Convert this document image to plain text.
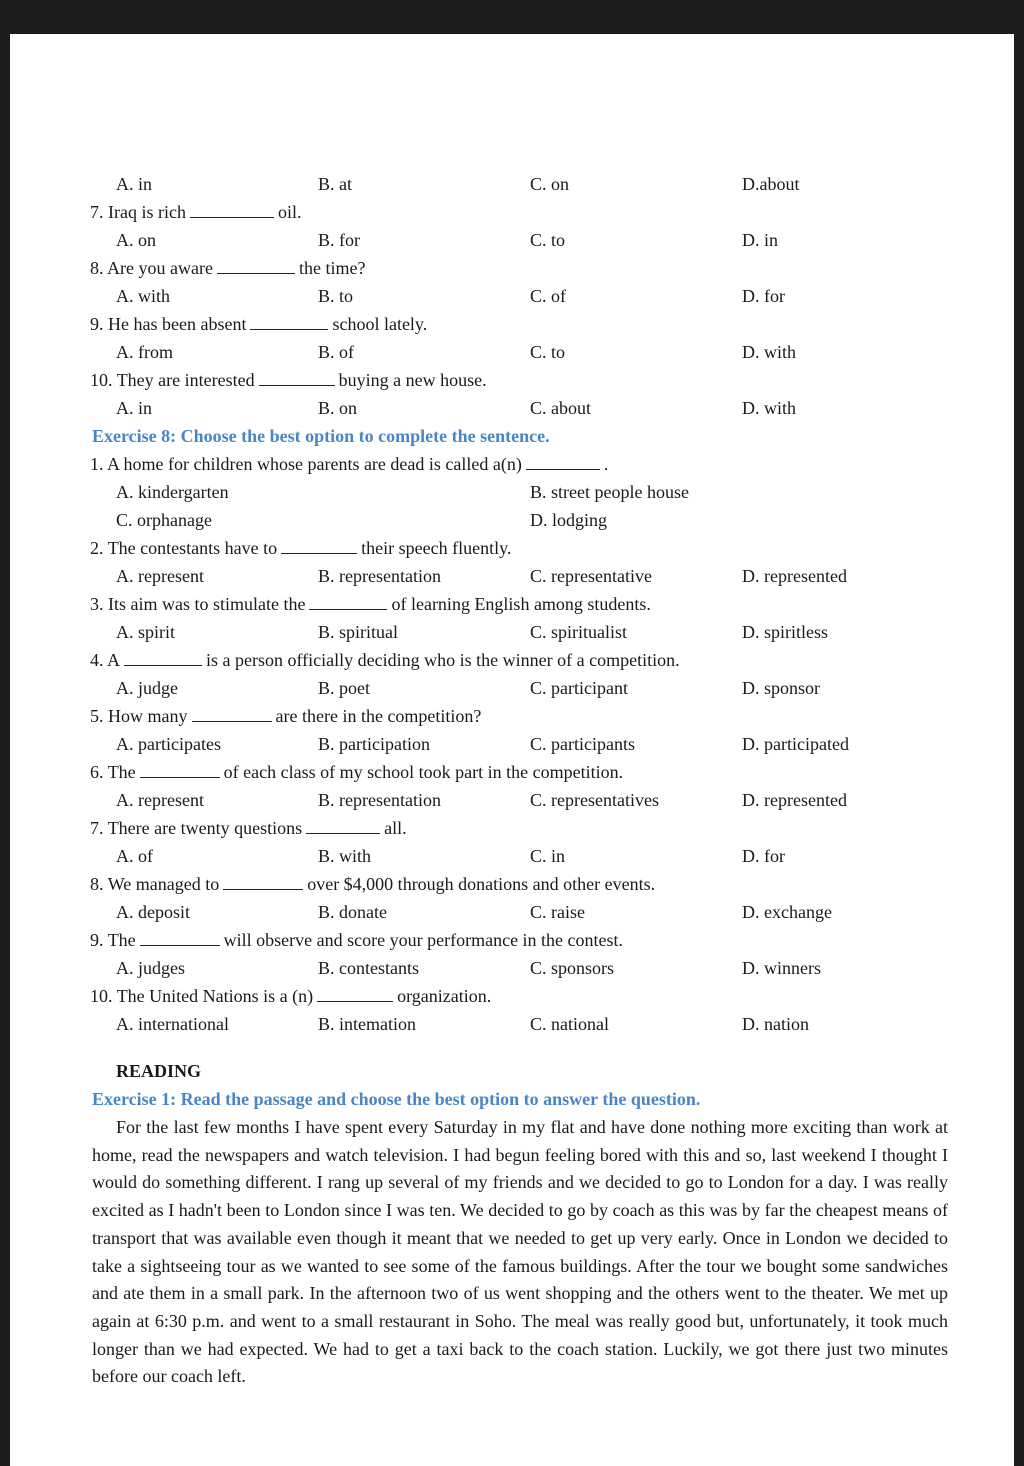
A. in	B. at	C. on	D.about
7. Iraq is rich	oil.
A. on	B. for	C. to	D. in
8. Are you aware	the time?
A. with	B. to	C. of	D. for
9. He has been absent	school lately.
A. from	B. of	C. to	D. with
10. They are interested	buying a new house.
A. in	B. on	C. about	D. with
Exercise 8: Choose the best option to complete the sentence.
1. A home for children whose parents are dead is called a(n)	.
A. kindergarten	B. street people house
C. orphanage	D. lodging
2. The contestants have to	their speech fluently.
A. represent	B. representation	C. representative	D. represented
3. Its aim was to stimulate the	of learning English among students.
A. spirit	B. spiritual	C. spiritualist	D. spiritless
4. A	is a person officially deciding who is the winner of a competition.
A. judge	B. poet	C. participant	D. sponsor
5. How many	are there in the competition?
A. participates	B. participation	C. participants	D. participated
6. The	of each class of my school took part in the competition.
A. represent	B. representation	C. representatives	D. represented
7. There are twenty questions	all.
A. of	B. with	C. in	D. for
8. We managed to	over $4,000 through donations and other events.
A. deposit	B. donate	C. raise	D. exchange
9. The	will observe and score your performance in the contest.
A. judges	B. contestants	C. sponsors	D. winners
10. The United Nations is a (n)	organization.
A. international	B. intemation	C. national	D. nation
READING
Exercise 1: Read the passage and choose the best option to answer the question.
For the last few months I have spent every Saturday in my flat and have done nothing more exciting than work at home, read the newspapers and watch television. I had begun feeling bored with this and so, last weekend I thought I would do something different. I rang up several of my friends and we decided to go to London for a day. I was really excited as I hadn't been to London since I was ten. We decided to go by coach as this was by far the cheapest means of transport that was available even though it meant that we needed to get up very early. Once in London we decided to take a sightseeing tour as we wanted to see some of the famous buildings. After the tour we bought some sandwiches and ate them in a small park. In the afternoon two of us went shopping and the others went to the theater. We met up again at 6:30 p.m. and went to a small restaurant in Soho. The meal was really good but, unfortunately, it took much longer than we had expected. We had to get a taxi back to the coach station. Luckily, we got there just two minutes before our coach left.
